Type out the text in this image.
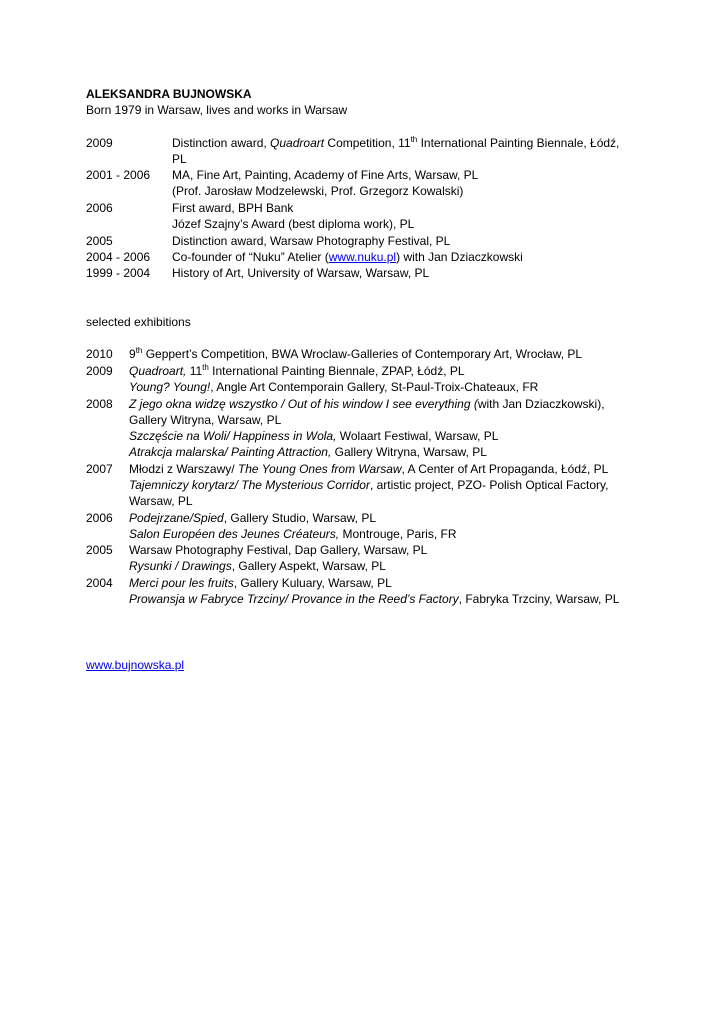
ALEKSANDRA BUJNOWSKA
Born 1979 in Warsaw, lives and works in Warsaw
2009	Distinction award, Quadroart Competition, 11th International Painting Biennale, Łódź,
PL
2001 - 2006 MA, Fine Art, Painting, Academy of Fine Arts, Warsaw, PL
(Prof. Jarosław Modzelewski, Prof. Grzegorz Kowalski)
2006	First award, BPH Bank
Józef Szajny’s Award (best diploma work), PL
2005	Distinction award, Warsaw Photography Festival, PL
2004 - 2006 Co-founder of “Nuku” Atelier (www.nuku.pl) with Jan Dziaczkowski
1999 - 2004 History of Art, University of Warsaw, Warsaw, PL
selected exhibitions
2010 9th Geppert’s Competition, BWA Wroclaw-Galleries of Contemporary Art, Wrocław, PL
2009 Quadroart, 11th International Painting Biennale, ZPAP, Łódź, PL
Young? Young!, Angle Art Contemporain Gallery, St-Paul-Troix-Chateaux, FR
2008 Z jego okna widzę wszystko / Out of his window I see everything (with Jan Dziaczkowski),
Gallery Witryna, Warsaw, PL
Szczęście na Woli/ Happiness in Wola, Wolaart Festiwal, Warsaw, PL
Atrakcja malarska/ Painting Attraction, Gallery Witryna, Warsaw, PL
2007 Młodzi z Warszawy/ The Young Ones from Warsaw, A Center of Art Propaganda, Łódź, PL
Tajemniczy korytarz/ The Mysterious Corridor, artistic project, PZO- Polish Optical Factory,
Warsaw, PL
2006 Podejrzane/Spied, Gallery Studio, Warsaw, PL
Salon Européen des Jeunes Créateurs, Montrouge, Paris, FR
2005 Warsaw Photography Festival, Dap Gallery, Warsaw, PL
Rysunki / Drawings, Gallery Aspekt, Warsaw, PL
2004 Merci pour les fruits, Gallery Kuluary, Warsaw, PL
Prowansja w Fabryce Trzciny/ Provance in the Reed’s Factory, Fabryka Trzciny, Warsaw, PL
www.bujnowska.pl
